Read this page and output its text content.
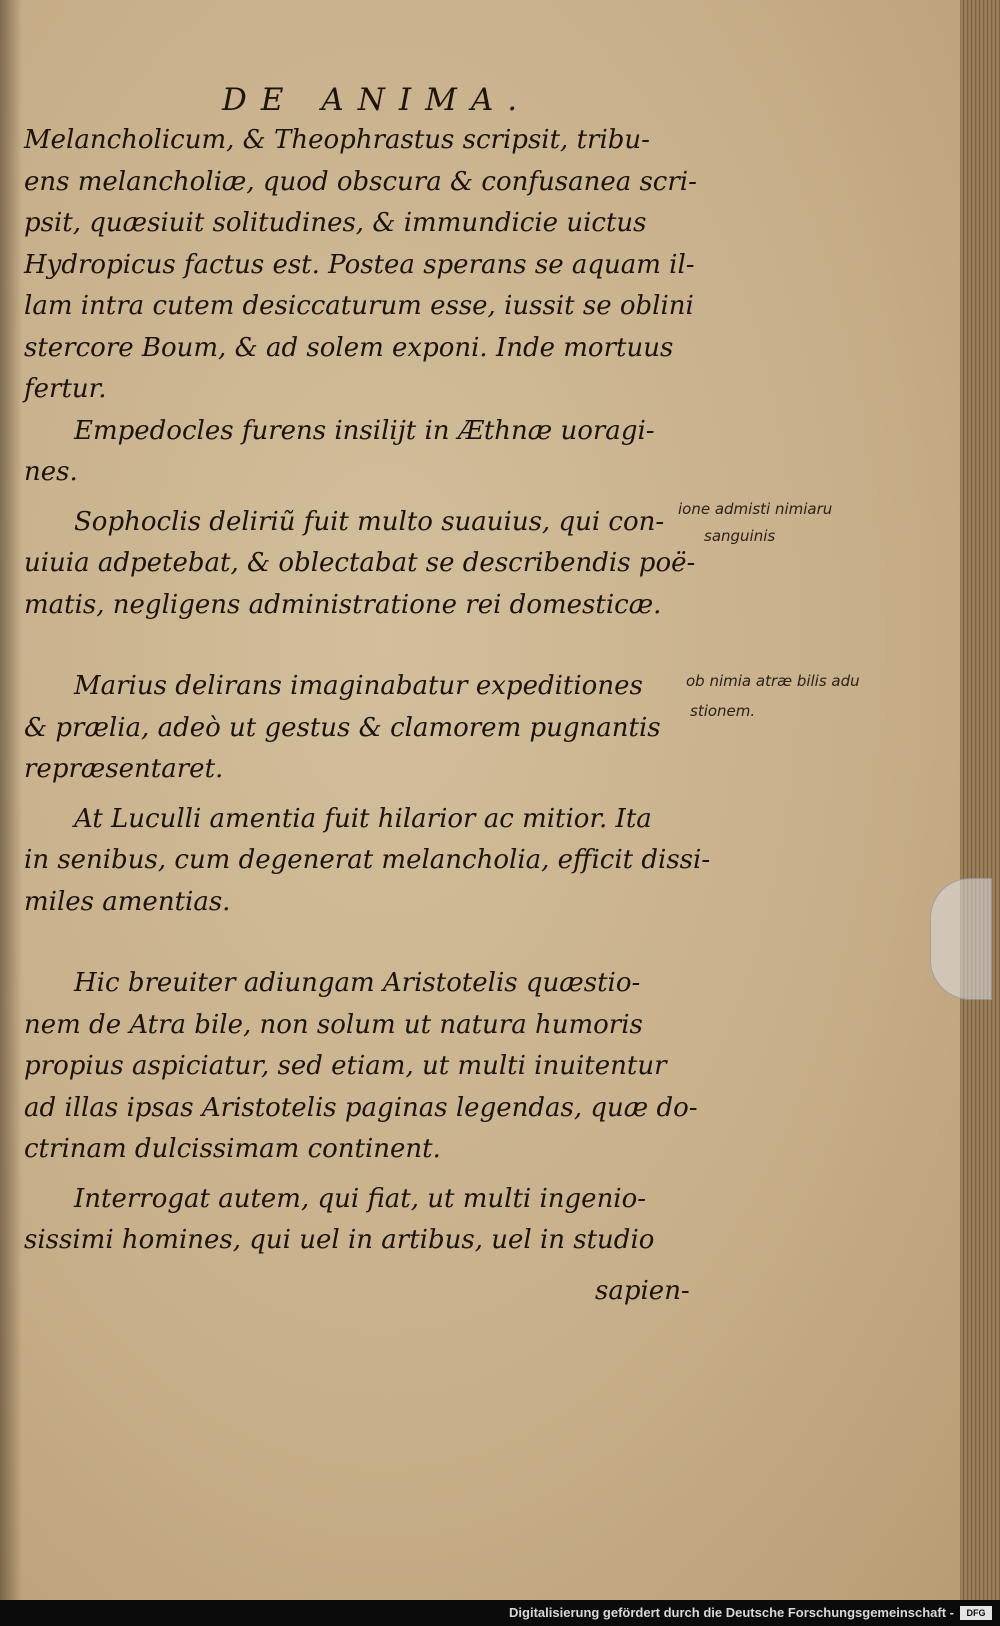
DE ANIMA.
Melancholicum, & Theophrastus scripsit, tribu-
ens melancholiæ, quod obscura & confusanea scri-
psit, quæsiuit solitudines, & immundicie uictus
Hydropicus factus est. Postea sperans se aquam il-
lam intra cutem desiccaturum esse, iussit se oblini
stercore Boum, & ad solem exponi. Inde mortuus
fertur.
Empedocles furens insilijt in Æthnæ uoragi-
nes.
Sophoclis deliriũ fuit multo suauius, qui con-
uiuia adpetebat, & oblectabat se describendis poë-
matis, negligens administratione rei domesticæ.
Marius delirans imaginabatur expeditiones
& prælia, adeò ut gestus & clamorem pugnantis
repræsentaret.
At Luculli amentia fuit hilarior ac mitior. Ita
in senibus, cum degenerat melancholia, efficit dissi-
miles amentias.
Hic breuiter adiungam Aristotelis quæstio-
nem de Atra bile, non solum ut natura humoris
propius aspiciatur, sed etiam, ut multi inuitentur
ad illas ipsas Aristotelis paginas legendas, quæ do-
ctrinam dulcissimam continent.
Interrogat autem, qui fiat, ut multi ingenio-
sissimi homines, qui uel in artibus, uel in studio
sapien-
ione admisti nimiaru
sanguinis
ob nimia atræ bilis adu
stionem.
Digitalisierung gefördert durch die Deutsche Forschungsgemeinschaft -	DFG
